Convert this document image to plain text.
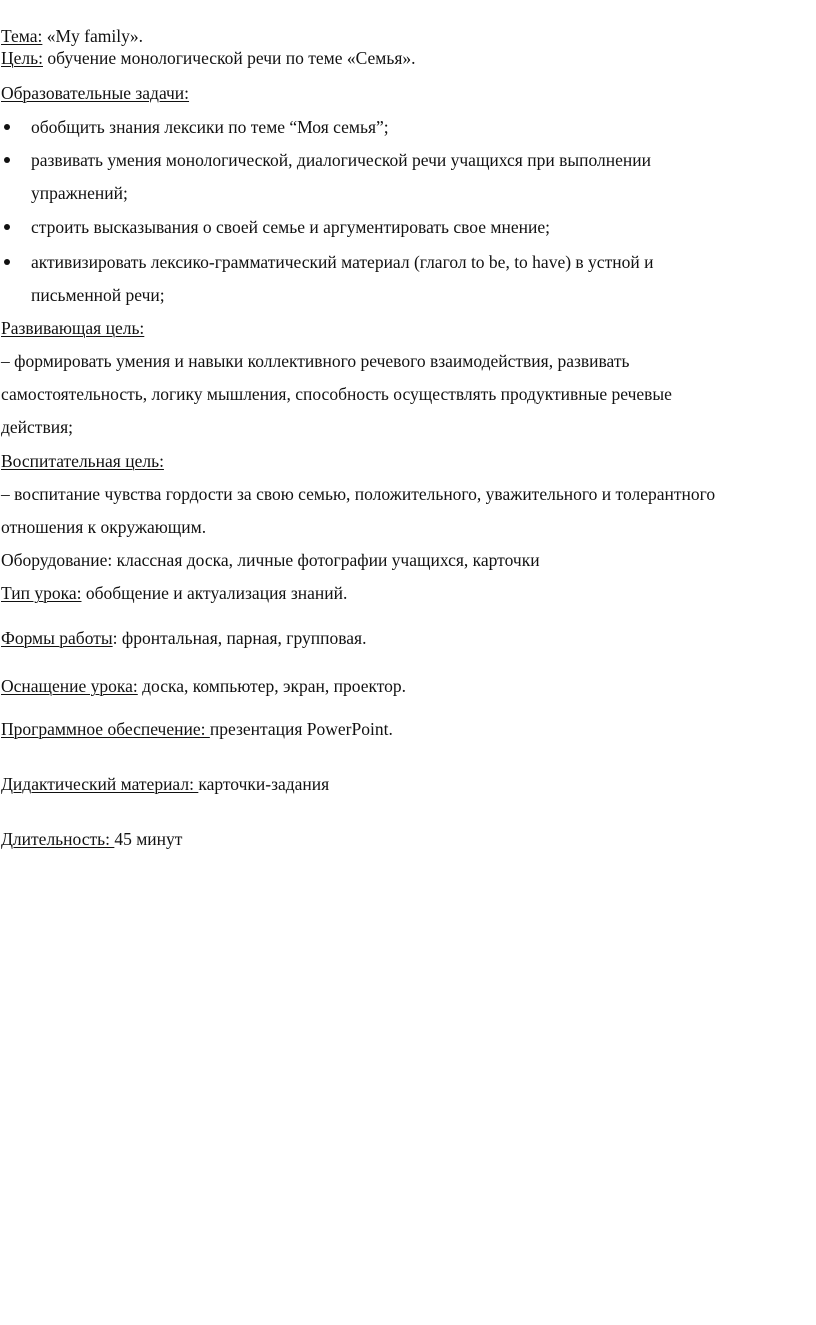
Тема: «My family».
Цель: обучение монологической речи по теме «Семья».
Образовательные задачи:
обобщить знания лексики по теме “Моя семья”;
развивать умения монологической, диалогической речи учащихся при выполнении
упражнений;
строить высказывания о своей семье и аргументировать свое мнение;
активизировать лексико-грамматический материал (глагол to be, to have) в устной и
письменной речи;
Развивающая цель:
– формировать умения и навыки коллективного речевого взаимодействия, развивать
самостоятельность, логику мышления, способность осуществлять продуктивные речевые
действия;
Воспитательная цель:
– воспитание чувства гордости за свою семью, положительного, уважительного и толерантного
отношения к окружающим.
Оборудование: классная доска, личные фотографии учащихся, карточки
Тип урока: обобщение и актуализация знаний.
Формы работы: фронтальная, парная, групповая.
Оснащение урока: доска, компьютер, экран, проектор.
Программное обеспечение: презентация PowerPoint.
Дидактический материал: карточки-задания
Длительность: 45 минут
